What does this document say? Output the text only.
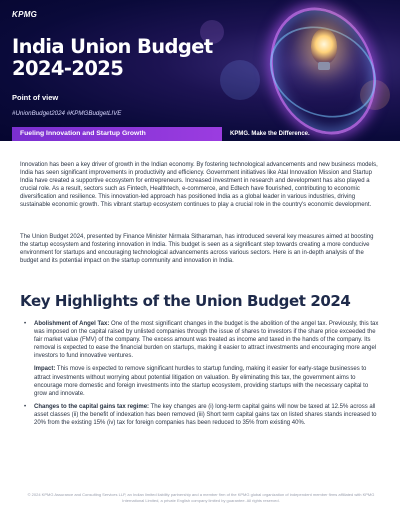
KPMG
India Union Budget 2024-2025
Point of view
#UnionBudget2024 #KPMGBudgetLIVE
Fueling Innovation and Startup Growth	KPMG. Make the Difference.

Innovation has been a key driver of growth in the Indian economy. By fostering technological advancements and new business models, India has seen significant improvements in productivity and efficiency. Government initiatives like Atal Innovation Mission and Startup India have created a supportive ecosystem for entrepreneurs. Increased investment in research and development has also played a crucial role. As a result, sectors such as Fintech, Healthtech, e-commerce, and Edtech have flourished, contributing to economic diversification and resilience. This innovation-led approach has positioned India as a global leader in various industries, driving sustainable economic growth. This vibrant startup ecosystem continues to play a crucial role in the country's economic development.

The Union Budget 2024, presented by Finance Minister Nirmala Sitharaman, has introduced several key measures aimed at boosting the startup ecosystem and fostering innovation in India. This budget is seen as a significant step towards creating a more conducive environment for startups and encouraging technological advancements across various sectors. Here is an in-depth analysis of the budget and its potential impact on the startup community and innovation in India.

Key Highlights of the Union Budget 2024
• Abolishment of Angel Tax: One of the most significant changes in the budget is the abolition of the angel tax. Previously, this tax was imposed on the capital raised by unlisted companies through the issue of shares to investors if the share price exceeded the fair market value (FMV) of the company. The excess amount was treated as income and taxed in the hands of the company. Its removal is expected to ease the financial burden on startups, making it easier to attract investments and encouraging more angel investors to fund innovative ventures.
Impact: This move is expected to remove significant hurdles to startup funding, making it easier for early-stage businesses to attract investments without worrying about potential litigation on valuation. By eliminating this tax, the government aims to encourage more domestic and foreign investments into the startup ecosystem, providing startups with the necessary capital to grow and innovate.
• Changes to the capital gains tax regime: The key changes are (i) long-term capital gains will now be taxed at 12.5% across all asset classes (ii) the benefit of indexation has been removed (iii) Short term capital gains tax on listed shares stands increased to 20% from the existing 15% (iv) tax for foreign companies has been reduced to 35% from existing 40%.
© 2024 KPMG Assurance and Consulting Services LLP, an Indian limited liability partnership and a member firm of the KPMG global organization of independent member firms affiliated with KPMG International Limited, a private English company limited by guarantee. All rights reserved.
